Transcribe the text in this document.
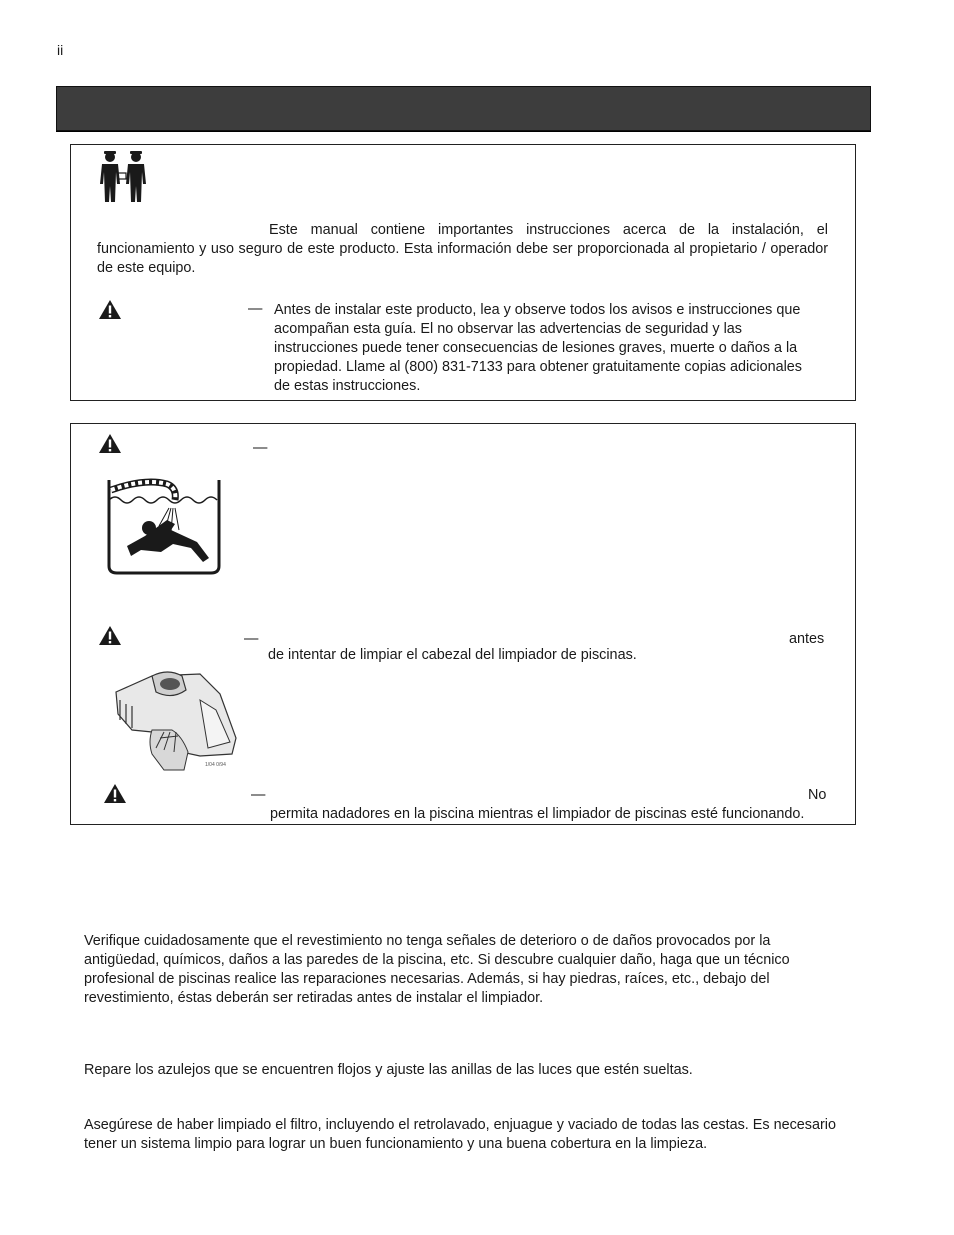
ii
Este manual contiene importantes instrucciones acerca de la instalación, el funcionamiento y uso seguro de este producto. Esta información debe ser proporcionada al propietario / operador de este equipo.
— Antes de instalar este producto, lea y observe todos los avisos e instrucciones que
acompañan esta guía. El no observar las advertencias de seguridad y las
instrucciones puede tener consecuencias de lesiones graves, muerte o daños a la
propiedad. Llame al (800) 831-7133 para obtener gratuitamente copias adicionales
de estas instrucciones.
—
—	antes
de intentar de limpiar el cabezal del limpiador de piscinas.
1/04 0/94
—	No
permita nadadores en la piscina mientras el limpiador de piscinas esté funcionando.
Verifique cuidadosamente que el revestimiento no tenga señales de deterioro o de daños provocados por la antigüedad, químicos, daños a las paredes de la piscina, etc. Si descubre cualquier daño, haga que un técnico profesional de piscinas realice las reparaciones necesarias. Además, si hay piedras, raíces, etc., debajo del revestimiento, éstas deberán ser retiradas antes de instalar el limpiador.
Repare los azulejos que se encuentren flojos y ajuste las anillas de las luces que estén sueltas.
Asegúrese de haber limpiado el filtro, incluyendo el retrolavado, enjuague y vaciado de todas las cestas. Es necesario tener un sistema limpio para lograr un buen funcionamiento y una buena cobertura en la limpieza.
